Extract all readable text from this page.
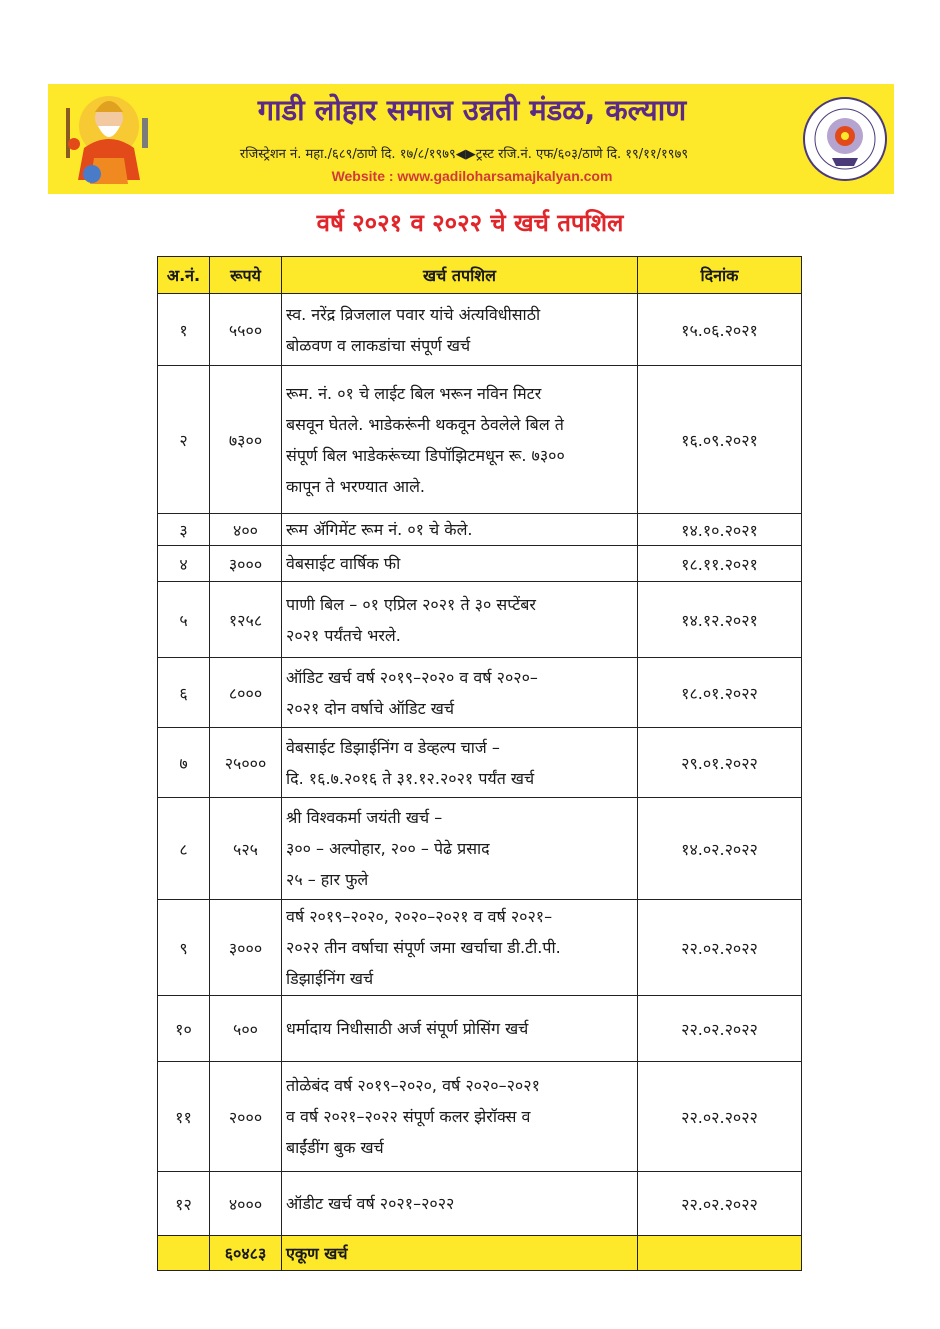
गाडी लोहार समाज उन्नती मंडळ, कल्याण
रजिस्ट्रेशन नं. महा./६८९/ठाणे दि. १७/८/१९७९◀▶ट्रस्ट रजि.नं. एफ/६०३/ठाणे दि. १९/११/१९७९
Website : www.gadiloharsamajkalyan.com
वर्ष २०२१ व २०२२ चे खर्च तपशिल
अ.नं.	रूपये	खर्च तपशिल	दिनांक
१	५५००	स्व. नरेंद्र व्रिजलाल पवार यांचे अंत्यविधीसाठी
बोळवण व लाकडांचा संपूर्ण खर्च	१५.०६.२०२१
२	७३००	रूम. नं. ०१ चे लाईट बिल भरून नविन मिटर
बसवून घेतले. भाडेकरूंनी थकवून ठेवलेले बिल ते
संपूर्ण बिल भाडेकरूंच्या डिपॉझिटमधून रू. ७३००
कापून ते भरण्यात आले.	१६.०९.२०२१
३	४००	रूम ॲगिमेंट रूम नं. ०१ चे केले.	१४.१०.२०२१
४	३०००	वेबसाईट वार्षिक फी	१८.११.२०२१
५	१२५८	पाणी बिल – ०१ एप्रिल २०२१ ते ३० सप्टेंबर
२०२१ पर्यंतचे भरले.	१४.१२.२०२१
६	८०००	ऑडिट खर्च वर्ष २०१९–२०२० व वर्ष २०२०–
२०२१ दोन वर्षाचे ऑडिट खर्च	१८.०१.२०२२
७	२५०००	वेबसाईट डिझाईनिंग व डेव्हल्प चार्ज –
दि. १६.७.२०१६ ते ३१.१२.२०२१ पर्यंत खर्च	२९.०१.२०२२
८	५२५	श्री विश्वकर्मा जयंती खर्च –
३०० – अल्पोहार, २०० – पेढे प्रसाद
२५ – हार फुले	१४.०२.२०२२
९	३०००	वर्ष २०१९–२०२०, २०२०–२०२१ व वर्ष २०२१–
२०२२ तीन वर्षाचा संपूर्ण जमा खर्चाचा डी.टी.पी.
डिझाईनिंग खर्च	२२.०२.२०२२
१०	५००	धर्मादाय निधीसाठी अर्ज संपूर्ण प्रोसिंग खर्च	२२.०२.२०२२
११	२०००	तोळेबंद वर्ष २०१९–२०२०, वर्ष २०२०–२०२१
व वर्ष २०२१–२०२२ संपूर्ण कलर झेरॉक्स व
बाईंडींग बुक खर्च	२२.०२.२०२२
१२	४०००	ऑडीट खर्च वर्ष २०२१–२०२२	२२.०२.२०२२
	६०४८३	एकूण खर्च	
